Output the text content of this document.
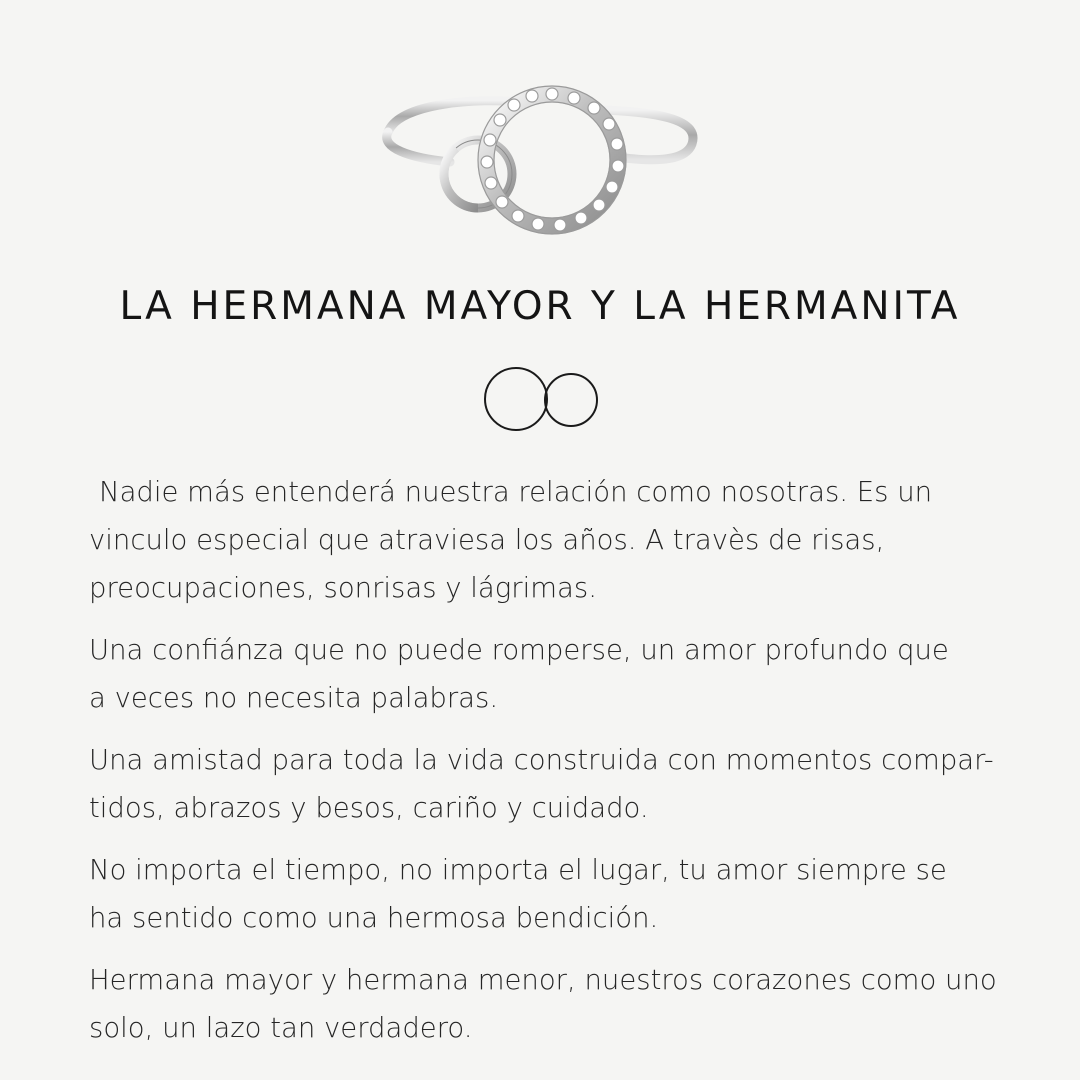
LA HERMANA MAYOR Y LA HERMANITA

Nadie más entenderá nuestra relación como nosotras. Es un
vinculo especial que atraviesa los años. A travès de risas,
preocupaciones, sonrisas y lágrimas.

Una confiánza que no puede romperse, un amor profundo que
a veces no necesita palabras.

Una amistad para toda la vida construida con momentos compar-
tidos, abrazos y besos, cariño y cuidado.

No importa el tiempo, no importa el lugar, tu amor siempre se
ha sentido como una hermosa bendición.

Hermana mayor y hermana menor, nuestros corazones como uno
solo, un lazo tan verdadero.
